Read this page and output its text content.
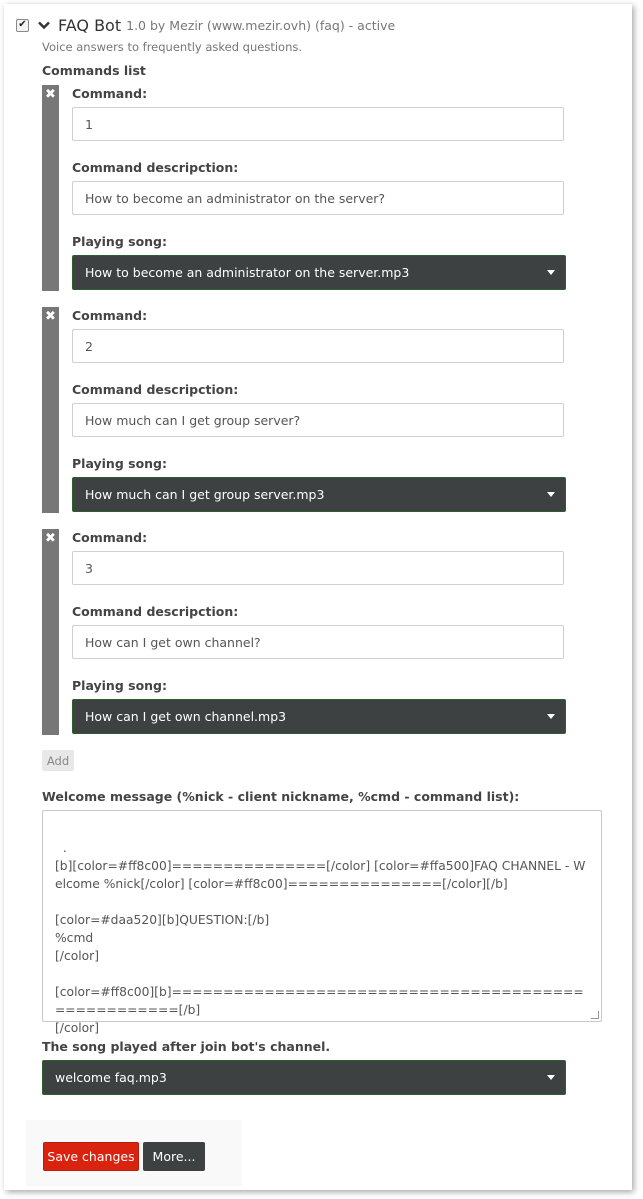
✔ FAQ Bot 1.0 by Mezir (www.mezir.ovh) (faq) - active
Voice answers to frequently asked questions.
Commands list
✖ Command:
1
Command descripction:
How to become an administrator on the server?
Playing song:
How to become an administrator on the server.mp3
✖ Command:
2
Command descripction:
How much can I get group server?
Playing song:
How much can I get group server.mp3
✖ Command:
3
Command descripction:
How can I get own channel?
Playing song:
How can I get own channel.mp3
Add
Welcome message (%nick - client nickname, %cmd - command list):

.
[b][color=#ff8c00]===============[/color] [color=#ffa500]FAQ CHANNEL - Welcome %nick[/color] [color=#ff8c00]===============[/color][/b]

[color=#daa520][b]QUESTION:[/b]
%cmd
[/color]

[color=#ff8c00][b]====================================================[/b]
[/color]

The song played after join bot's channel.
welcome faq.mp3
Save changes	More...
